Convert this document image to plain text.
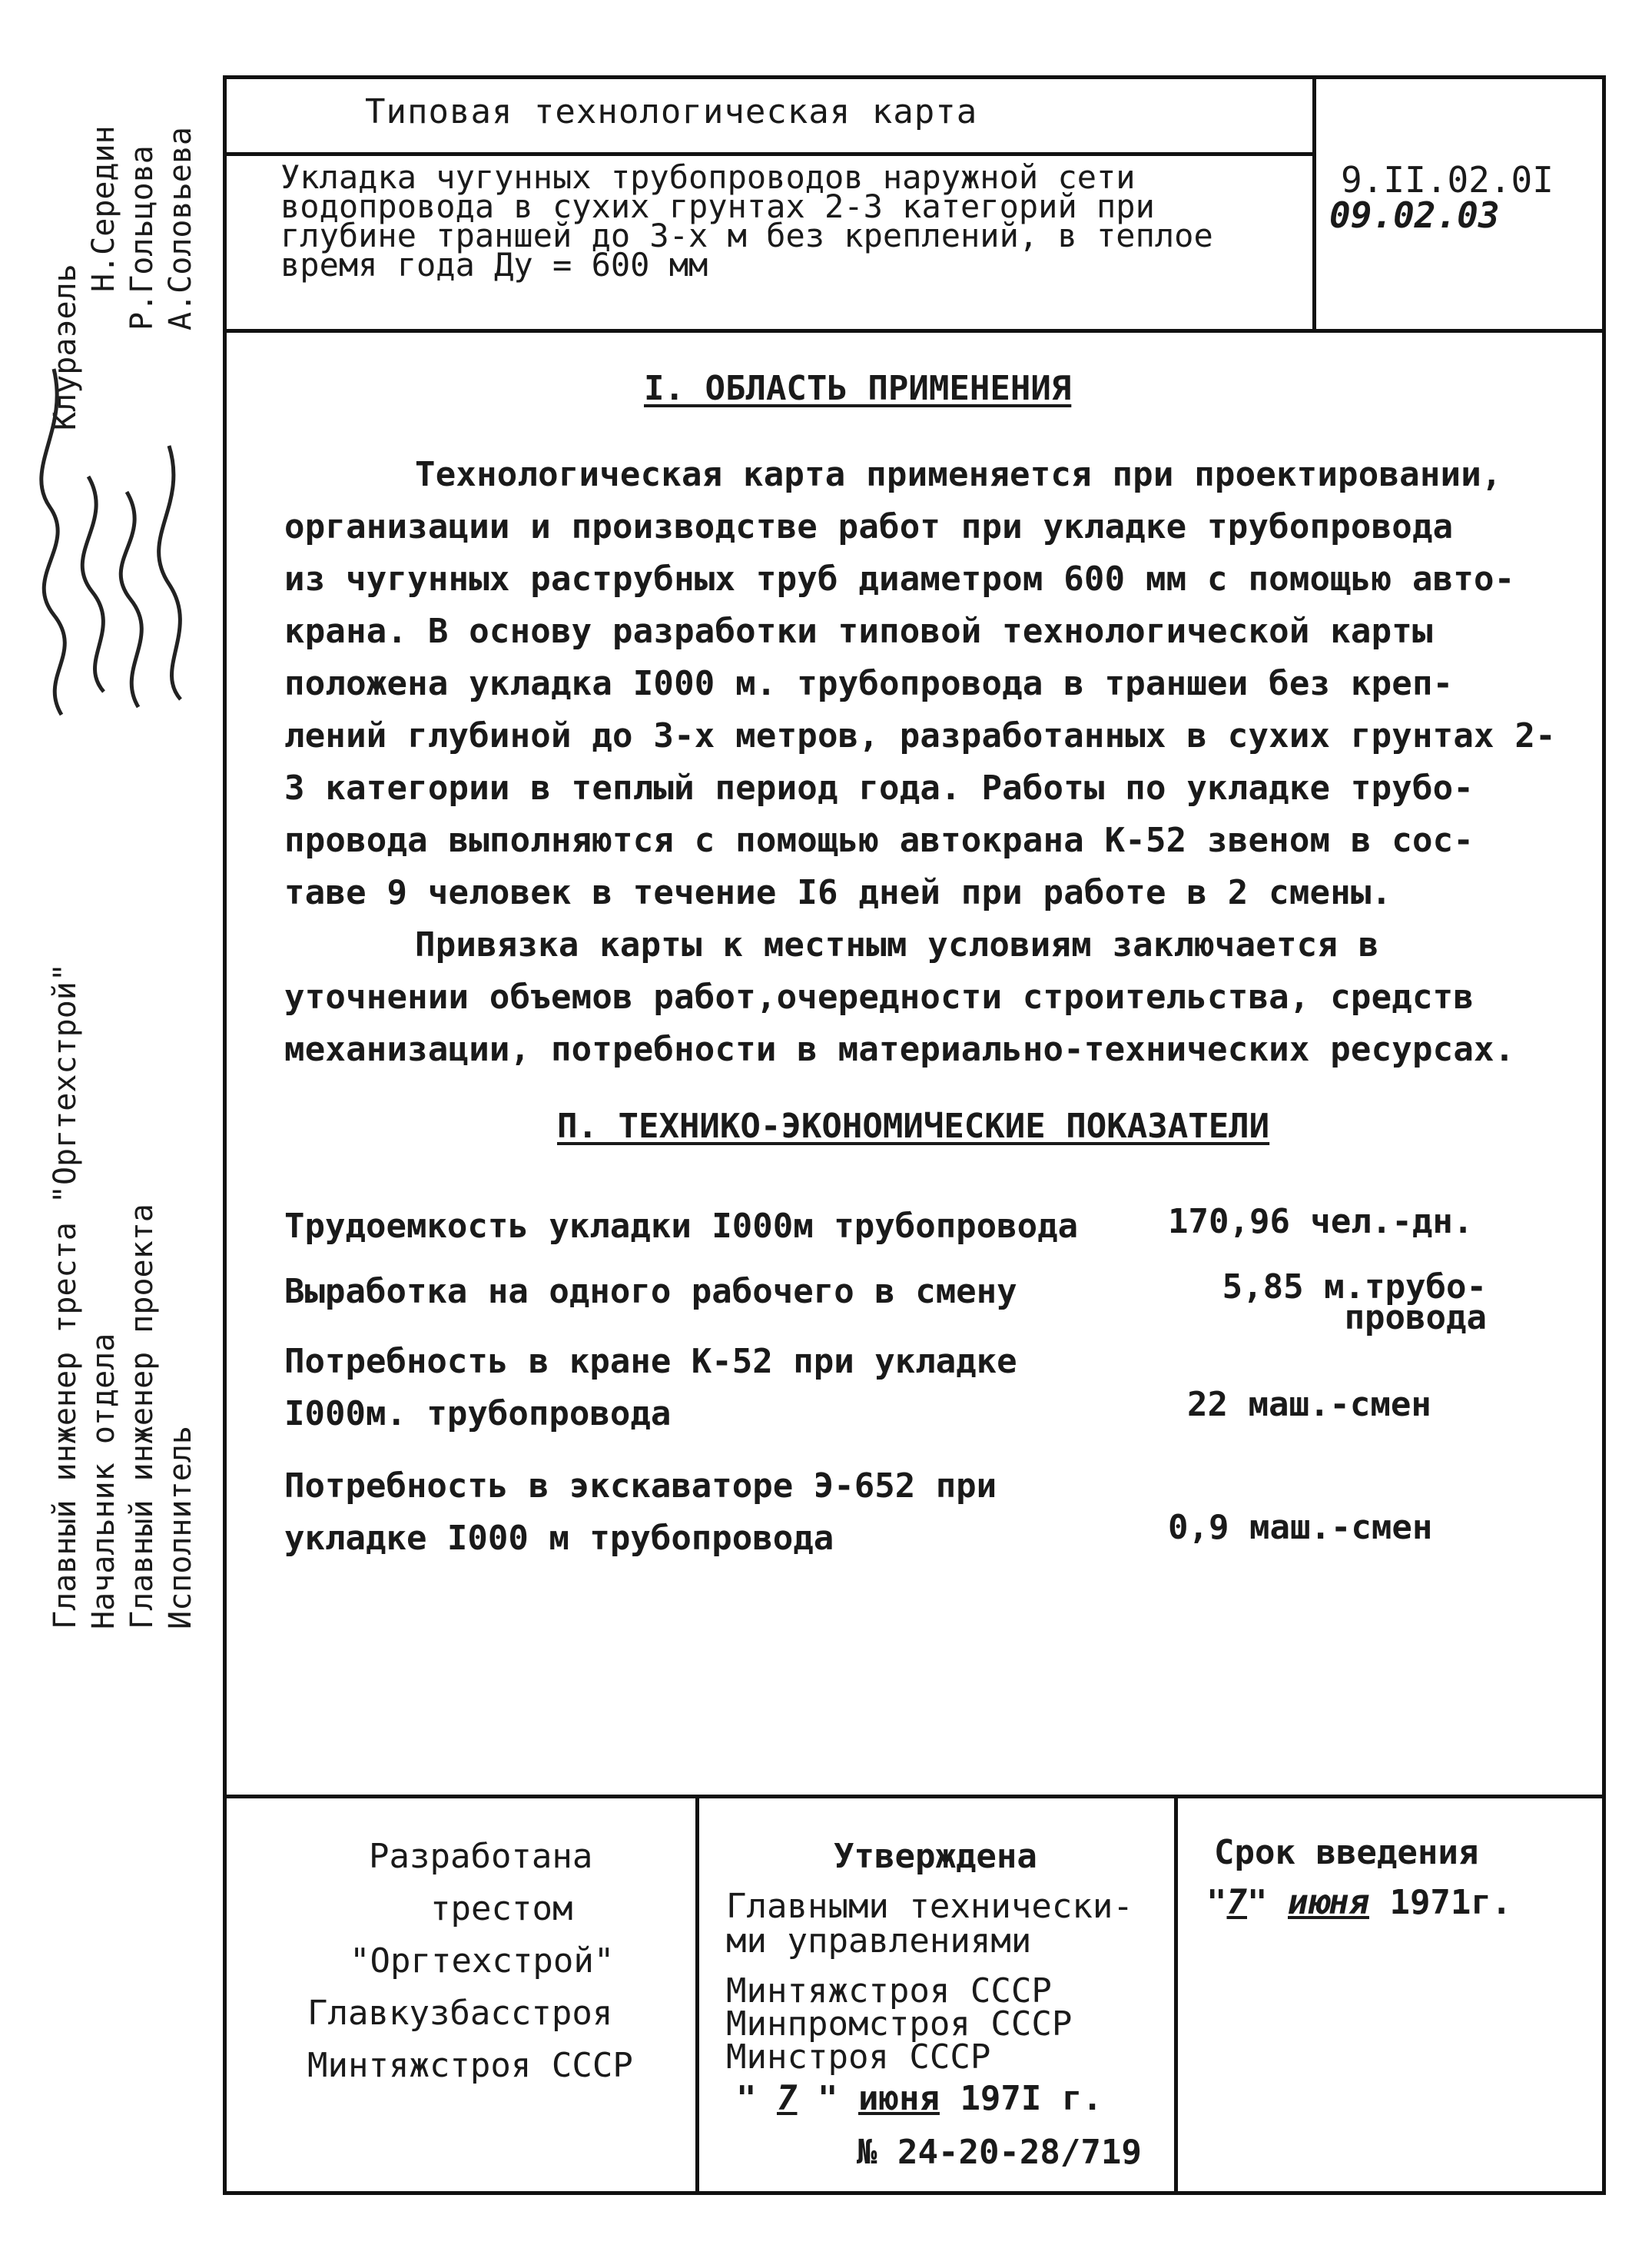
Типовая технологическая карта
Укладка чугунных трубопроводов наружной сети
водопровода в сухих грунтах 2-3 категорий при
глубине траншей до 3-х м без креплений, в теплое
время года Ду = 600 мм
9.II.02.0I
09.02.03
I. ОБЛАСТЬ ПРИМЕНЕНИЯ
Технологическая карта применяется при проектировании,
организации и производстве работ при укладке трубопровода
из чугунных раструбных труб диаметром 600 мм с помощью авто-
крана. В основу разработки типовой технологической карты
положена укладка I000 м. трубопровода в траншеи без креп-
лений глубиной до 3-х метров, разработанных в сухих грунтах 2-
3 категории в теплый период года. Работы по укладке трубо-
провода выполняются с помощью автокрана К-52 звеном в сос-
таве 9 человек в течение I6 дней при работе в 2 смены.
Привязка карты к местным условиям заключается в
уточнении объемов работ,очередности строительства, средств
механизации, потребности в материально-технических ресурсах.
П. ТЕХНИКО-ЭКОНОМИЧЕСКИЕ ПОКАЗАТЕЛИ
Трудоемкость укладки I000м трубопровода	170,96 чел.-дн.
Выработка на одного рабочего в смену	5,85 м.трубо-
провода
Потребность в кране К-52 при укладке
I000м. трубопровода	22 маш.-смен
Потребность в экскаваторе Э-652 при
укладке I000 м трубопровода	0,9 маш.-смен
Главный инженер треста "Оргтехстрой" Начальник отдела Главный инженер проекта Исполнитель
Клураэель
Н.Середин Р.Гольцова А.Соловьева
Разработана
трестом
"Оргтехстрой"
Главкузбасстроя
Минтяжстроя СССР
Утверждена
Главными техничеcки-
ми управлениями
Минтяжстроя СССР
Минпромстроя СССР
Минстроя СССР
" 7 " июня 197I г.
№ 24-20-28/719
Срок введения
"7" июня 1971г.
